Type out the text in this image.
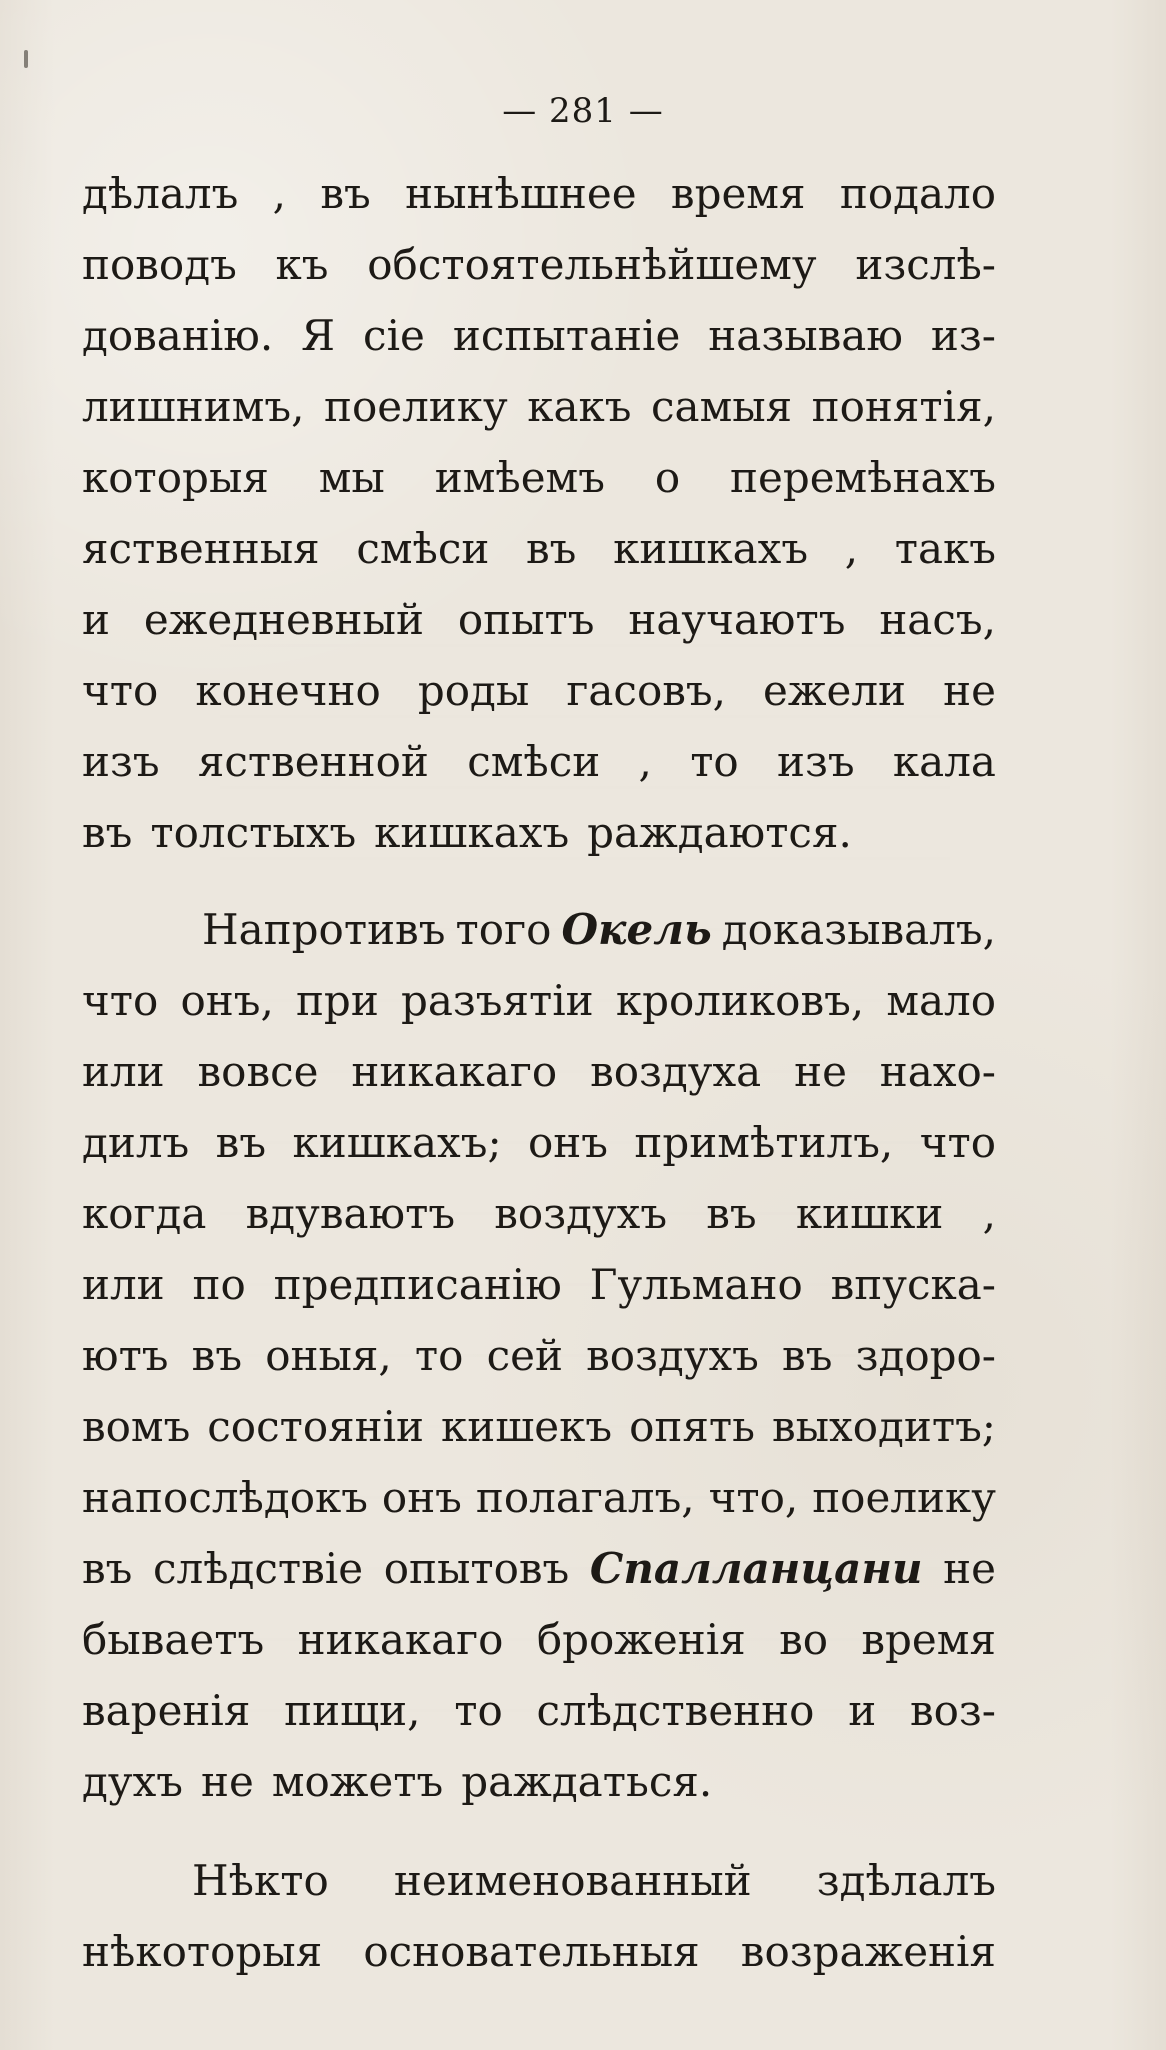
— 281 —
дѣлалъ , въ нынѣшнее время подало
поводъ къ обстоятельнѣйшему изслѣ-
дованію. Я сіе испытаніе называю из-
лишнимъ, поелику какъ самыя понятія,
которыя мы имѣемъ о перемѣнахъ
яственныя смѣси въ кишкахъ , такъ
и ежедневный опытъ научаютъ насъ,
что конечно роды гасовъ, ежели не
изъ яственной смѣси , то изъ кала
въ толстыхъ кишкахъ раждаются.
Напротивъ того Окель доказывалъ,
что онъ, при разъятіи кроликовъ, мало
или вовсе никакаго воздуха не нахо-
дилъ въ кишкахъ; онъ примѣтилъ, что
когда вдуваютъ воздухъ въ кишки ,
или по предписанію Гульмано впуска-
ютъ въ оныя, то сей воздухъ въ здоро-
вомъ состояніи кишекъ опять выходитъ;
напослѣдокъ онъ полагалъ, что, поелику
въ слѣдствіе опытовъ Спалланцани не
бываетъ никакаго броженія во время
варенія пищи, то слѣдственно и воз-
духъ не можетъ раждаться.
Нѣкто неименованный здѣлалъ
нѣкоторыя основательныя возраженія
